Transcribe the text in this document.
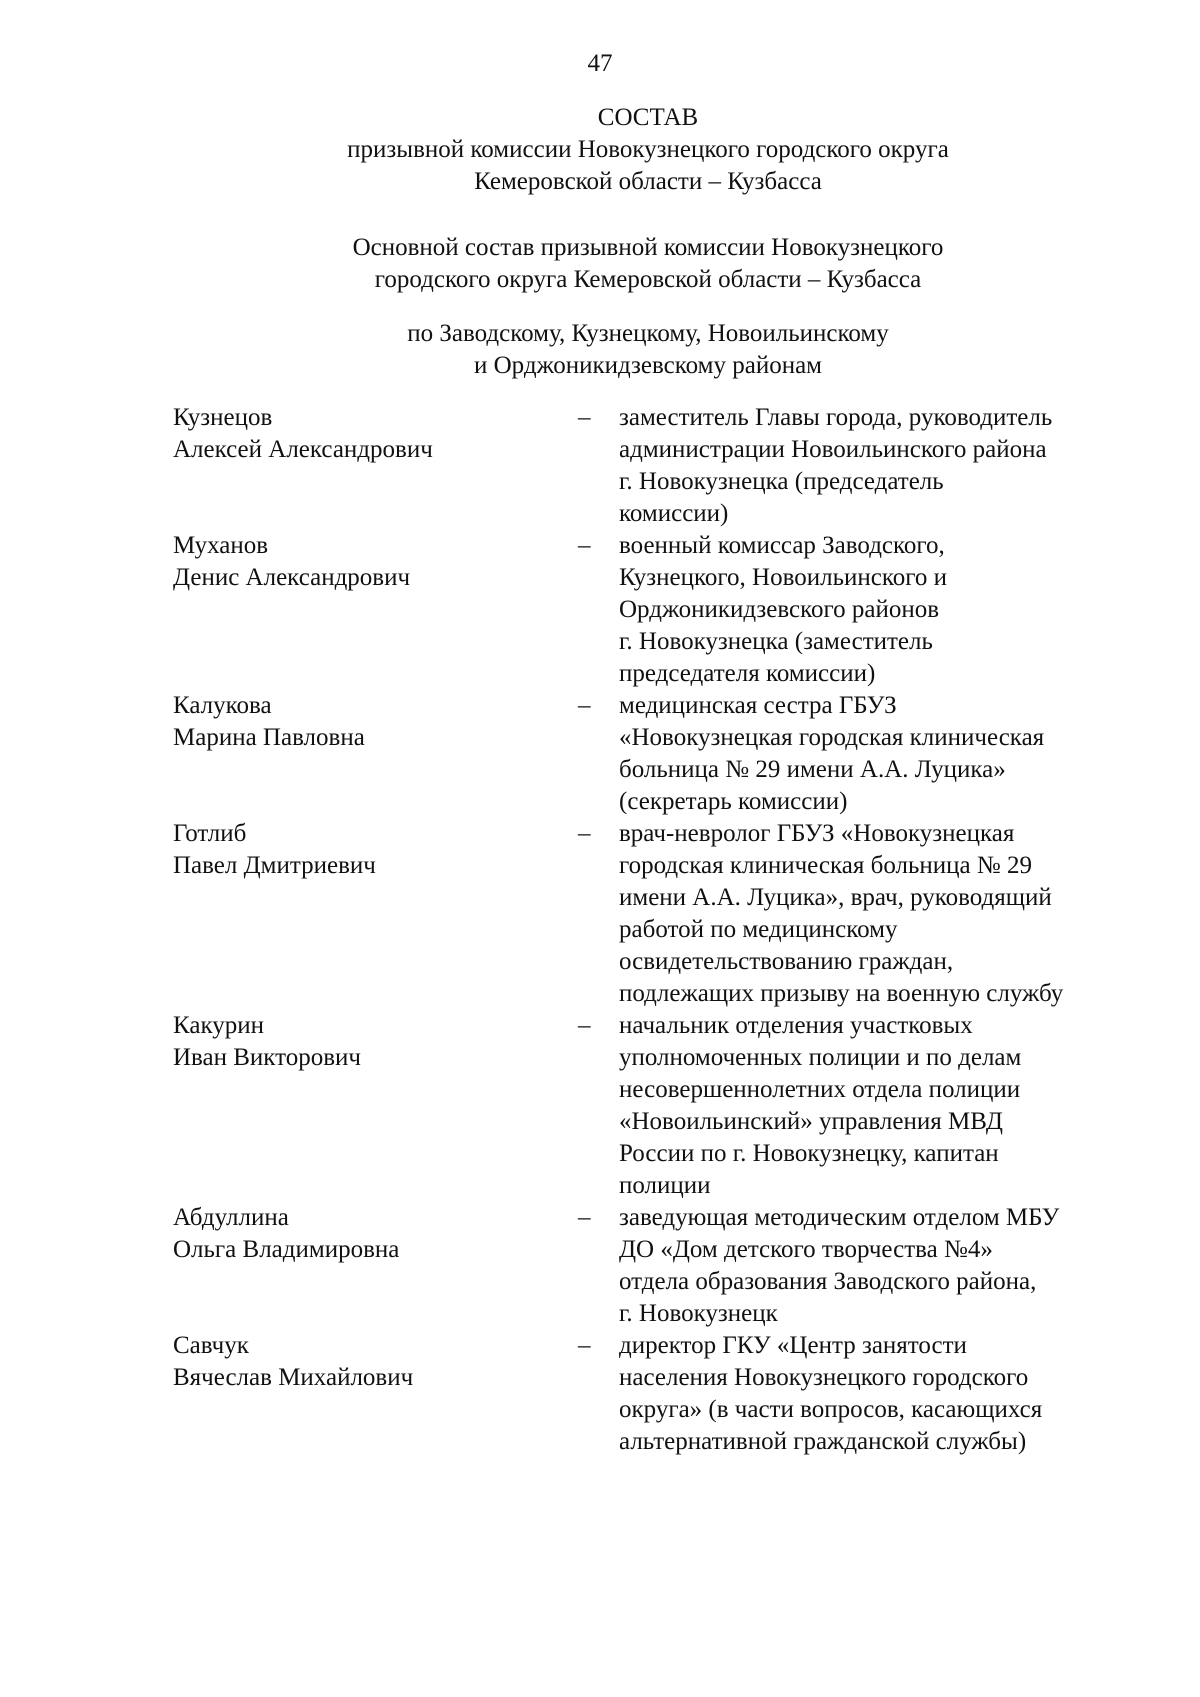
47
СОСТАВ
призывной комиссии Новокузнецкого городского округа
Кемеровской области – Кузбасса
Основной состав призывной комиссии Новокузнецкого
городского округа Кемеровской области – Кузбасса
по Заводскому, Кузнецкому, Новоильинскому
и Орджоникидзевскому районам
Кузнецов
Алексей Александрович
–	заместитель Главы города, руководитель
администрации Новоильинского района
г. Новокузнецка (председатель
комиссии)
Муханов
Денис Александрович
–	военный комиссар Заводского,
Кузнецкого, Новоильинского и
Орджоникидзевского районов
г. Новокузнецка (заместитель
председателя комиссии)
Калукова
Марина Павловна
–	медицинская сестра ГБУЗ
«Новокузнецкая городская клиническая
больница № 29 имени А.А. Луцика»
(секретарь комиссии)
Готлиб
Павел Дмитриевич
–	врач-невролог ГБУЗ «Новокузнецкая
городская клиническая больница № 29
имени А.А. Луцика», врач, руководящий
работой по медицинскому
освидетельствованию граждан,
подлежащих призыву на военную службу
Какурин
Иван Викторович
–	начальник отделения участковых
уполномоченных полиции и по делам
несовершеннолетних отдела полиции
«Новоильинский» управления МВД
России по г. Новокузнецку, капитан
полиции
Абдуллина
Ольга Владимировна
–	заведующая методическим отделом МБУ
ДО «Дом детского творчества №4»
отдела образования Заводского района,
г. Новокузнецк
Савчук
Вячеслав Михайлович
–	директор ГКУ «Центр занятости
населения Новокузнецкого городского
округа» (в части вопросов, касающихся
альтернативной гражданской службы)
